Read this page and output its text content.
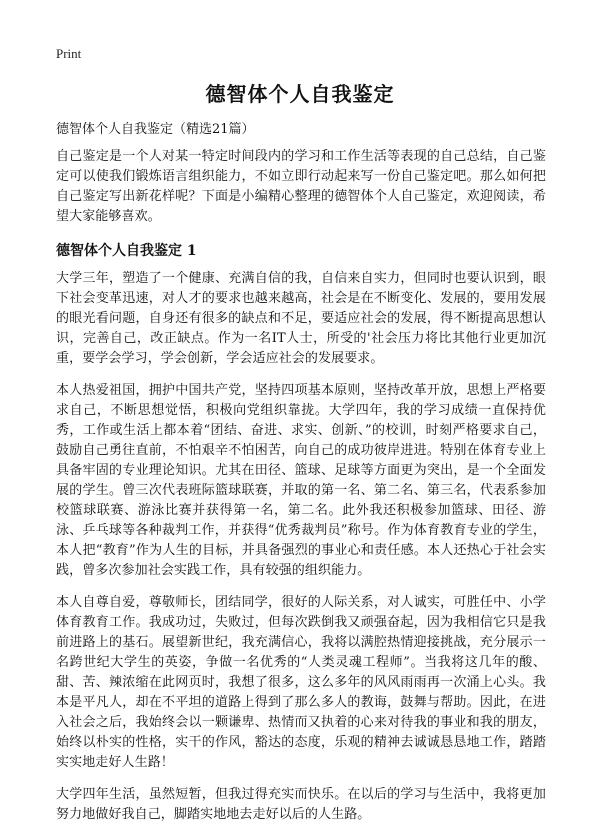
Print
德智体个人自我鉴定
德智体个人自我鉴定（精选21篇）

自己鉴定是一个人对某一特定时间段内的学习和工作生活等表现的自己总结，自己鉴定可以使我们锻炼语言组织能力，不如立即行动起来写一份自己鉴定吧。那么如何把自己鉴定写出新花样呢？下面是小编精心整理的德智体个人自己鉴定，欢迎阅读，希望大家能够喜欢。

德智体个人自我鉴定 1

大学三年，塑造了一个健康、充满自信的我，自信来自实力，但同时也要认识到，眼下社会变革迅速，对人才的要求也越来越高，社会是在不断变化、发展的，要用发展的眼光看问题，自身还有很多的缺点和不足，要适应社会的发展，得不断提高思想认识，完善自己，改正缺点。作为一名IT人士，所受的'社会压力将比其他行业更加沉重，要学会学习，学会创新，学会适应社会的发展要求。

本人热爱祖国，拥护中国共产党，坚持四项基本原则，坚持改革开放，思想上严格要求自己，不断思想觉悟，积极向党组织靠拢。大学四年，我的学习成绩一直保持优秀，工作或生活上都本着“团结、奋进、求实、创新、”的校训，时刻严格要求自己，鼓励自己勇往直前，不怕艰辛不怕困苦，向自己的成功彼岸进进。特别在体育专业上具备牢固的专业理论知识。尤其在田径、篮球、足球等方面更为突出，是一个全面发展的学生。曾三次代表班际篮球联赛，并取的第一名、第二名、第三名，代表系参加校篮球联赛、游泳比赛并获得第一名，第二名。此外我还积极参加篮球、田径、游泳、乒乓球等各种裁判工作，并获得“优秀裁判员”称号。作为体育教育专业的学生，本人把“教育”作为人生的目标，并具备强烈的事业心和责任感。本人还热心于社会实践，曾多次参加社会实践工作，具有较强的组织能力。

本人自尊自爱，尊敬师长，团结同学，很好的人际关系，对人诚实，可胜任中、小学体育教育工作。我成功过，失败过，但每次跌倒我又顽强奋起，因为我相信它只是我前进路上的基石。展望新世纪，我充满信心，我将以满腔热情迎接挑战，充分展示一名跨世纪大学生的英姿，争做一名优秀的“人类灵魂工程师”。当我将这几年的酸、甜、苦、辣浓缩在此网页时，我想了很多，这么多年的风风雨雨再一次涌上心头。我本是平凡人，却在不平坦的道路上得到了那么多人的教诲，鼓舞与帮助。因此，在进入社会之后，我始终会以一颗谦卑、热情而又执着的心来对待我的事业和我的朋友，始终以朴实的性格，实干的作风，豁达的态度，乐观的精神去诚诚恳恳地工作，踏踏实实地走好人生路！

大学四年生活，虽然短暂，但我过得充实而快乐。在以后的学习与生活中，我将更加努力地做好我自己，脚踏实地地去走好以后的人生路。
